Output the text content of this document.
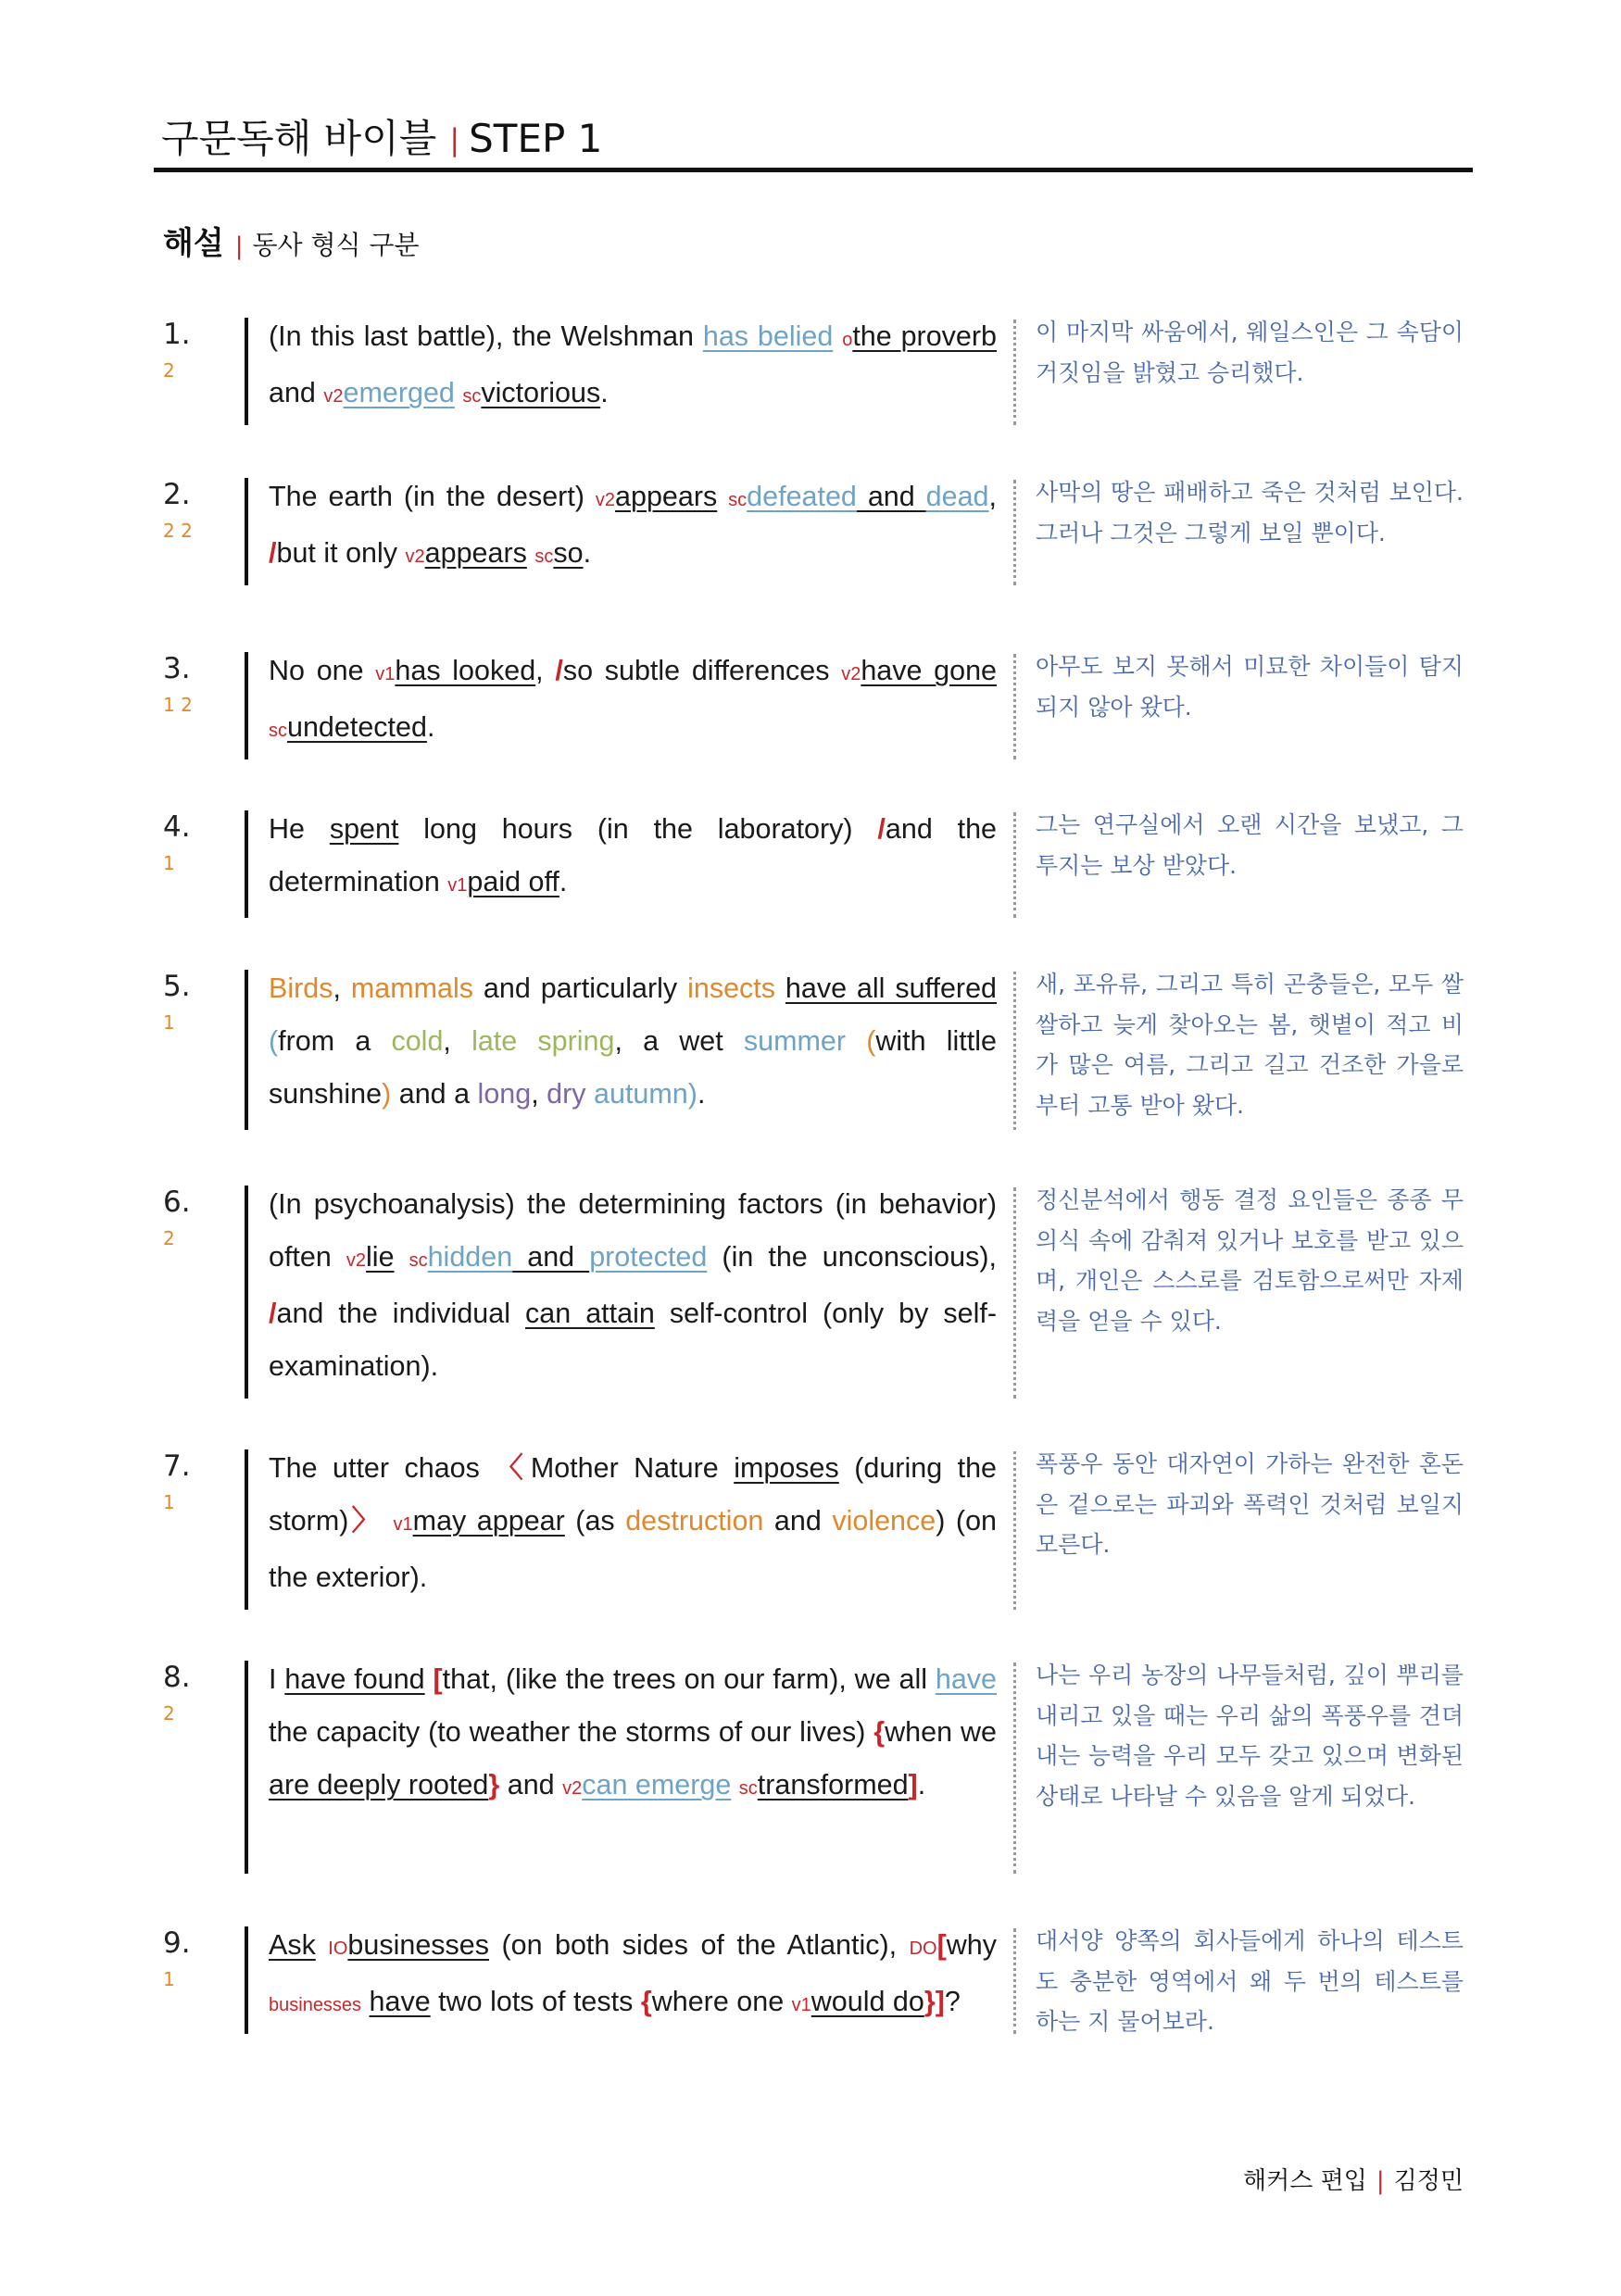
구문독해 바이블 | STEP 1
해설 | 동사 형식 구분
1.
2
(In this last battle), the Welshman has belied othe proverb and v2emerged scvictorious.
이 마지막 싸움에서, 웨일스인은 그 속담이 거짓임을 밝혔고 승리했다.
2.
2 2
The earth (in the desert) v2appears scdefeated and dead, /but it only v2appears scso.
사막의 땅은 패배하고 죽은 것처럼 보인다. 그러나 그것은 그렇게 보일 뿐이다.
3.
1 2
No one v1has looked, /so subtle differences v2have gone scundetected.
아무도 보지 못해서 미묘한 차이들이 탐지되지 않아 왔다.
4.
1
He spent long hours (in the laboratory) /and the determination v1paid off.
그는 연구실에서 오랜 시간을 보냈고, 그 투지는 보상 받았다.
5.
1
Birds, mammals and particularly insects have all suffered (from a cold, late spring, a wet summer (with little sunshine) and a long, dry autumn).
새, 포유류, 그리고 특히 곤충들은, 모두 쌀쌀하고 늦게 찾아오는 봄, 햇볕이 적고 비가 많은 여름, 그리고 길고 건조한 가을로부터 고통 받아 왔다.
6.
2
(In psychoanalysis) the determining factors (in behavior) often v2lie schidden and protected (in the unconscious), /and the individual can attain self-control (only by self-examination).
정신분석에서 행동 결정 요인들은 종종 무의식 속에 감춰져 있거나 보호를 받고 있으며, 개인은 스스로를 검토함으로써만 자제력을 얻을 수 있다.
7.
1
The utter chaos 〈Mother Nature imposes (during the storm)〉 v1may appear (as destruction and violence) (on the exterior).
폭풍우 동안 대자연이 가하는 완전한 혼돈은 겉으로는 파괴와 폭력인 것처럼 보일지 모른다.
8.
2
I have found [that, (like the trees on our farm), we all have the capacity (to weather the storms of our lives) {when we are deeply rooted} and v2can emerge sctransformed].
나는 우리 농장의 나무들처럼, 깊이 뿌리를 내리고 있을 때는 우리 삶의 폭풍우를 견뎌내는 능력을 우리 모두 갖고 있으며 변화된 상태로 나타날 수 있음을 알게 되었다.
9.
1
Ask IObusinesses (on both sides of the Atlantic), DO[why businesses have two lots of tests {where one v1would do}]?
대서양 양쪽의 회사들에게 하나의 테스트도 충분한 영역에서 왜 두 번의 테스트를 하는 지 물어보라.
해커스 편입 | 김정민
